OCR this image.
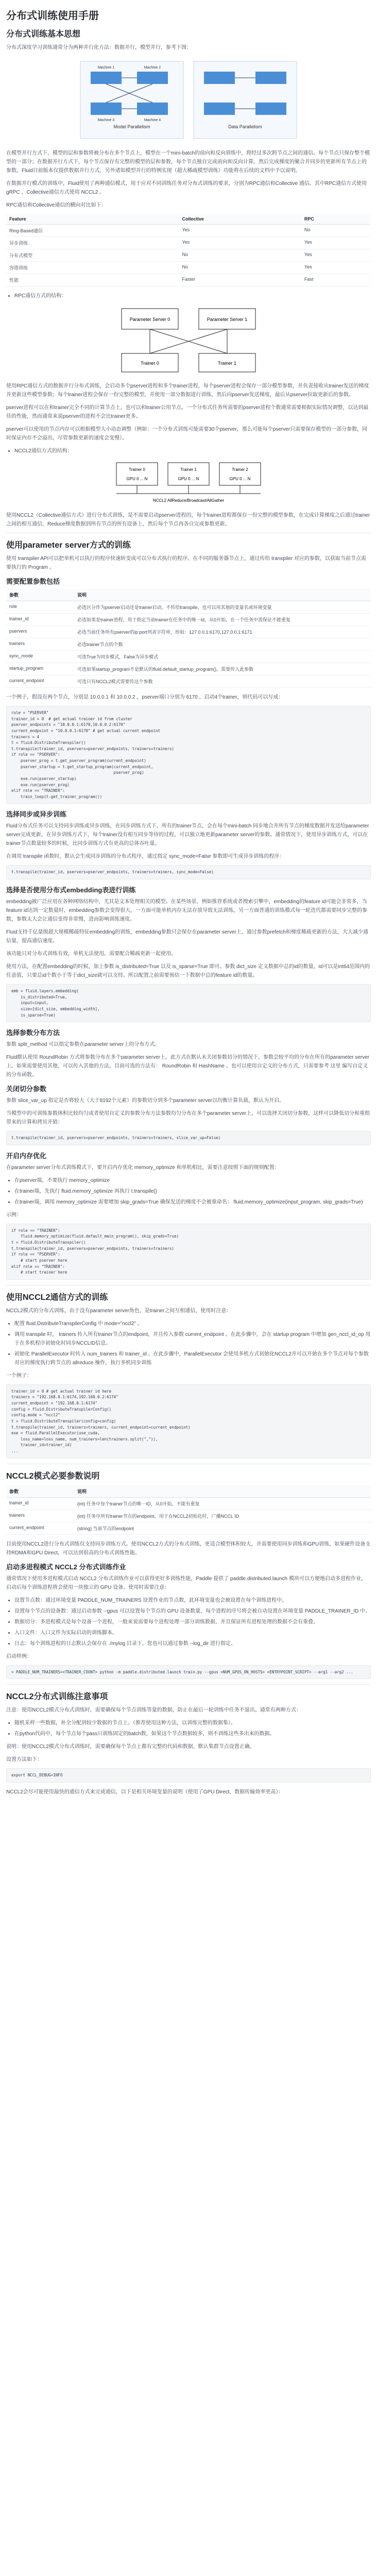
分布式训练使用手册
分布式训练基本思想

分布式深度学习训练通常分为两种并行化方法：数据并行，模型并行，参考下图：

Model Parallelism	Data Parallelism
Machine 1	Machine 2
Machine 3	Machine 4

在模型并行方式下，模型的层和参数将被分布在多个节点上，模型在一个mini-batch的前向和反向训练中，将经过多次跨节点之间的通信。每个节点只保存整个模型的一部分；在数据并行方式下，每个节点保存有完整的模型的层和参数，每个节点独自完成前向和反向计算，然后完成梯度的聚合并同步的更新所有节点上的参数。Fluid目前版本仅提供数据并行方式，另外诸如模型并行的特例实现（超大稀疏模型训练）功能将在后续的文档中予以说明。

在数据并行模式的训练中，Fluid使用了两种通信模式，用于应对不同训练任务对分布式训练的要求，分别为RPC通信和Collective 通信。其中RPC通信方式使用 gRPC ，Collective通信方式使用 NCCL2 。

RPC通信和Collective通信的横向对比如下：

Feature	Collective	RPC
Ring-Based通信	Yes	No
异步训练	Yes	Yes
分布式模型	No	Yes
容错训练	No	Yes
性能	Faster	Fast
• RPC通信方式的结构：
Parameter Server 0	Parameter Server 1
Trainer 0	Trainer 1

使用RPC通信方式的数据并行分布式训练，会启动多个pserver进程和多个trainer进程，每个pserver进程会保存一部分模型参数，并负责接收从trainer发送的梯度并更新这些模型参数；每个trainer进程会保存一份完整的模型，并使用一部分数据进行训练，然后向pserver发送梯度，最后从pserver拉取更新后的参数。

pserver进程可以在和trainer完全不同的计算节点上，也可以和trainer公用节点。一个分布式任务所需要的pserver进程个数通常需要根据实际情况调整，以达到最佳的性能，然而通常来说pserver的进程不会比trainer更多。

pserver可以使用的节点内存可以根据模型大小动态调整（例如：一个分布式训练可能需要30个pserver，那么可能每个pserver只需要保存模型的一部分参数，同时保证内存不会溢出，尽管参数更新的速度会变慢）。

• NCCL2通信方式的结构：
Trainer 0	Trainer 1	Trainer 2
GPU 0 ... N	GPU 0 ... N	GPU 0 ... N
NCCL2 AllReduce/Broadcast/AllGather

使用NCCL2（Collective通信方式）进行分布式训练，是不需要启动pserver进程的，每个trainer进程都保存一份完整的模型参数，在完成计算梯度之后通过trainer之间的相互通信，Reduce梯度数据到所有节点的所有设备上，然后每个节点再各自完成参数更新。

使用parameter server方式的训练

使用 transpiler API可以把单机可以执行的程序快速转变成可以分布式执行的程序。在不同的服务器节点上，通过传给 transpiler 对应的参数，以获取当前节点需要执行的 Program 。

需要配置参数包括
参数	说明
role	必选区分作为pserver启动还是trainer启动，不传给transpile，也可以用其他的变量名或环境变量
trainer_id	必选如果是trainer进程，用于指定当前trainer在任务中的唯一id，从0开始，在一个任务中需保证不能重复
pservers	必选当前任务所有pserver的ip:port列表字符串，形如：127.0.0.1:6170,127.0.0.1:6171
trainers	必选trainer节点的个数
sync_mode	可选True为同步模式，False为异步模式
startup_program	可选如果startup_program不是默认的fluid.default_startup_program()，需要传入此参数
current_endpoint	可选只有NCCL2模式需要传这个参数

一个例子，假设有两个节点，分别是 10.0.0.1 和 10.0.0.2 ，pserver端口分别为 6170 ，启动4个trainer，则代码可以写成：

role = "PSERVER"
trainer_id = 0  # get actual trainer id from cluster
pserver_endpoints = "10.0.0.1:6170,10.0.0.2:6170"
current_endpoint = "10.0.0.1:6170" # get actual current endpoint
trainers = 4
t = fluid.DistributeTranspiler()
t.transpile(trainer_id, pservers=pserver_endpoints, trainers=trainers)
if role == "PSERVER":
pserver_prog = t.get_pserver_program(current_endpoint)
pserver_startup = t.get_startup_program(current_endpoint,
pserver_prog)
exe.run(pserver_startup)
exe.run(pserver_prog)
elif role == "TRAINER":
train_loop(t.get_trainer_program())
选择同步或异步训练

Fluid分布式任务可以支持同步训练或异步训练，在同步训练方式下，所有的trainer节点，会在每个mini-batch 同步地合并所有节点的梯度数据并发送给parameter server完成更新，在异步训练方式下，每个trainer没有相互同步等待的过程，可以独立地更新parameter server的参数。通常情况下，使用异步训练方式，可以在trainer节点数量较多的时候，比同步训练方式有更高的总体吞吐量。

在调用 transpile 函数时，默认会生成同步训练的分布式程序，通过指定 sync_mode=False 参数即可生成异步训练的程序：

t.transpile(trainer_id, pservers=pserver_endpoints, trainers=trainers, sync_mode=False)
选择是否使用分布式embedding表进行训练

embedding被广泛应用在各种网络结构中，尤其是文本处理相关的模型。在某些场景，例如推荐系统或者搜索引擎中，embedding的feature id可能会非常多，当feature id达到一定数量时，embedding参数会变得很大，一方面可能单机内存无法存放导致无法训练，另一方面普通的训练模式每一轮迭代都需要同步完整的参数，参数太大会让通信变得非常慢，进而影响训练速度。

Fluid支持千亿量级超大规模稀疏特征embedding的训练，embedding参数只会保存在parameter server上，通过参数prefetch和梯度稀疏更新的方法，大大减少通信量，提高通信速度。

该功能只对分布式训练有效，单机无法使用。需要配合稀疏更新一起使用。

使用方法，在配置embedding的时候，加上参数 is_distributed=True 以及 is_sparse=True 即可。参数 dict_size 定义数据中总的id的数量，id可以是int64范围内的任意值，只要总id个数小于等于dict_size就可以支持。所以配置之前需要预估一下数据中总的feature id的数量。

emb = fluid.layers.embedding(
is_distributed=True,
input=input,
size=[dict_size, embedding_width],
is_sparse=True)
选择参数分布方法

参数 split_method 可以指定参数在parameter server上的分布方式。

Fluid默认使用 RoundRobin 方式将参数分布在多个parameter server上。此方式在默认未关闭参数切分的情况下，参数会较平均的分布在所有的parameter server上。如果需要使用其他，可以传入其他的方法，目前可选的方法有： RoundRobin 和 HashName 。也可以使用自定义的分布方式，只需要参考 这里 编写自定义的分布函数。

关闭切分参数

参数 slice_var_up 指定是否将较大（大于8192个元素）的参数切分到多个parameter server以均衡计算负载，默认为开启。

当模型中的可训练参数体积比较均匀或者使用自定义的参数分布方法参数均匀分布在多个parameter server上，可以选择关闭切分参数，这样可以降低切分和重组带来的计算和拷贝开销：

t.transpile(trainer_id, pservers=pserver_endpoints, trainers=trainers, slice_var_up=False)
开启内存优化

在parameter server分布式训练模式下，要开启内存优化 memory_optimize 和单机相比，需要注意按照下面的规则配置：

• 在pserver端，不要执行 memory_optimize
• 在trainer端，先执行 fluid.memory_optimize 再执行 t.transpile()
• 在trainer端，调用 memory_optimize 需要增加 skip_grads=True 确保发送的梯度不会被重命名： fluid.memory_optimize(input_program, skip_grads=True)

示例：

if role == "TRAINER":
fluid.memory_optimize(fluid.default_main_program(), skip_grads=True)
t = fluid.DistributeTranspiler()
t.transpile(trainer_id, pservers=pserver_endpoints, trainers=trainers)
if role == "PSERVER":
# start pserver here
elif role == "TRAINER":
# start trainer here
使用NCCL2通信方式的训练

NCCL2模式的分布式训练，由于没有parameter server角色，是trainer之间互相通信，使用时注意：

• 配置 fluid.DistributeTranspilerConfig 中 mode="nccl2" 。
• 调用 transpile 时， trainers 传入所有trainer节点的endpoint，并且传入参数 current_endpoint 。在此步骤中，会在 startup program 中增加 gen_nccl_id_op 用于在多机程序初始化时同步NCCLID信息。
• 初始化 ParallelExecutor 时传入 num_trainers 和 trainer_id 。在此步骤中，ParallelExecutor 会使用多机方式初始化NCCL2并可以开始在多个节点对每个参数对应的梯度执行跨节点的 allreduce 操作，执行多机同步训练

一个例子：

trainer_id = 0 # get actual trainer id here
trainers = "192.168.0.1:6174,192.168.0.2:6174"
current_endpoint = "192.168.0.1:6174"
config = fluid.DistributeTranspilerConfig()
config.mode = "nccl2"
t = fluid.DistributeTranspiler(config=config)
t.transpile(trainer_id, trainers=trainers, current_endpoint=current_endpoint)
exe = fluid.ParallelExecutor(use_cuda,
loss_name=loss_name, num_trainers=len(trainers.split(",")),
trainer_id=trainer_id)
...
NCCL2模式必要参数说明
参数	说明
trainer_id	(int) 任务中每个trainer节点的唯一ID，从0开始，不能有重复
trainers	(int) 任务中所有trainer节点的endpoint，用于在NCCL2初始化时，广播NCCL ID
current_endpoint	(string) 当前节点的endpoint

目前使用NCCL2进行分布式训练仅支持同步训练方式。使用NCCL2方式的分布式训练，更适合模型体积较大，并需要使用同步训练和GPU训练，如果硬件设备支持RDMA和GPU Direct，可以达到很高的分布式训练性能。

启动多进程模式 NCCL2 分布式训练作业

通常情况下使用多进程模式启动 NCCL2 分布式训练作业可以获得更好多训练性能，Paddle 提供了 paddle.distributed.launch 模块可以方便地启动多进程作业，启动后每个训练进程将会使用一块独立的 GPU 设备。使用时需要注意：

• 设置节点数：通过环境变量 PADDLE_NUM_TRAINERS 设置作业的节点数，此环境变量也会被设置在每个训练进程中。
• 设置每个节点的设备数：通过启动参数 --gpus 可以设置每个节点的 GPU 设备数量，每个进程的序号将会被自动设置在环境变量 PADDLE_TRAINER_ID 中。
• 数据切分：多进程模式是每个设备一个进程，一般来说需要每个进程处理一部分训练数据，并且保证所有进程处理的数据不会有重叠。
• 入口文件：入口文件为实际启动的训练脚本。
• 日志：每个训练进程的日志默认会保存在 ./mylog 目录下，您也可以通过参数 --log_dir 进行指定。

启动样例：

> PADDLE_NUM_TRAINERS=<TRAINER_COUNT> python -m paddle.distributed.launch train.py --gpus <NUM_GPUS_ON_HOSTS> <ENTRYPOINT_SCRIPT> --arg1 --arg2 ...
NCCL2分布式训练注意事项

注意：使用NCCL2模式分布式训练时，需要确保每个节点训练等量的数据，防止在最后一轮训练中任务不退出。通常有两种方式：

• 随机采样一些数据，补全分配到较少数据的节点上。（推荐使用这种方法，以训练完整的数据集）。
• 在python代码中，每个节点每个pass只训练固定的batch数，如果这个节点数据较多，则不训练这些多出来的数据。

说明：使用NCCL2模式分布式训练时，需要确保每个节点上都有完整的代码和数据，默认集群节点设置正确。

设置方法如下：

export NCCL_DEBUG=INFO

NCCL2会尽可能使用最快的通信方式来完成通信，以下是相关环境变量的说明（使用了GPU Direct，数据传输效率更高）：
